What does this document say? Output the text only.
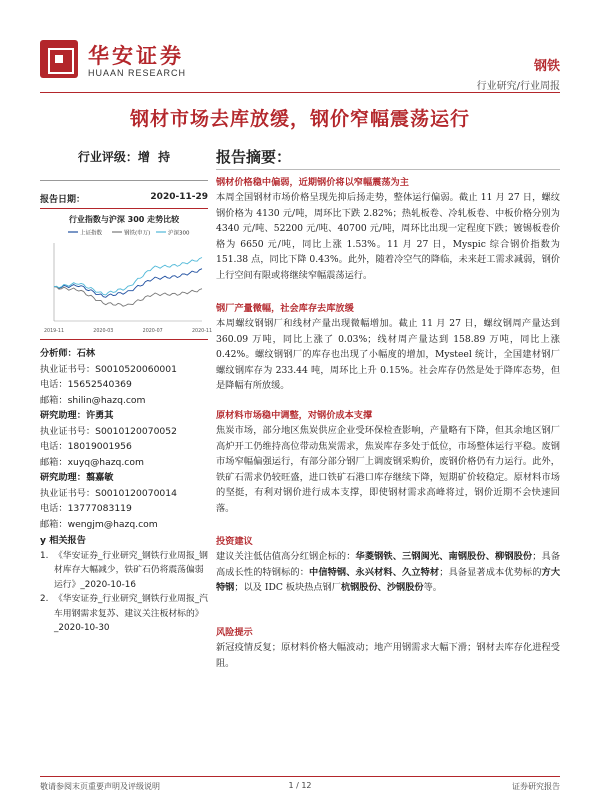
华安证券
HUAAN RESEARCH	钢铁
行业研究/行业周报
钢材市场去库放缓，钢价窄幅震荡运行
行业评级：增  持
报告日期：	2020-11-29
行业指数与沪深 300 走势比较
上证指数	钢铁(申万)	沪深300
2019-11	2020-03	2020-07	2020-11
分析师：石林
执业证书号：S0010520060001
电话：15652540369
邮箱：shilin@hazq.com
研究助理：许勇其
执业证书号：S0010120070052
电话：18019001956
邮箱：xuyq@hazq.com
研究助理：翦嘉敏
执业证书号：S0010120070014
电话：13777083119
邮箱：wengjm@hazq.com
y 相关报告
1. 《华安证券_行业研究_钢铁行业周报_钢材库存大幅减少，铁矿石仍将震荡偏弱运行》_2020-10-16
2. 《华安证券_行业研究_钢铁行业周报_汽车用钢需求复苏、建议关注板材标的》_2020-10-30
报告摘要：
钢材价格稳中偏弱，近期钢价将以窄幅震荡为主
本周全国钢材市场价格呈现先抑后扬走势，整体运行偏弱。截止 11 月 27 日，螺纹钢价格为 4130 元/吨，周环比下跌 2.82%；热轧板卷、冷轧板卷、中板价格分别为 4340 元/吨、52200 元/吨、40700 元/吨，周环比出现一定程度下跌；镀锡板卷价格为 6650 元/吨，同比上涨 1.53%。11 月 27 日，Myspic 综合钢价指数为 151.38 点，同比下降 0.43%。此外，随着冷空气的降临，未来赶工需求减弱，钢价上行空间有限或将继续窄幅震荡运行。
钢厂产量微幅，社会库存去库放缓
本周螺纹钢钢厂和线材产量出现微幅增加。截止 11 月 27 日，螺纹钢周产量达到 360.09 万吨，同比上涨了 0.03%；线材周产量达到 158.89 万吨，同比上涨 0.42%。螺纹钢钢厂的库存也出现了小幅度的增加，Mysteel 统计，全国建材钢厂螺纹钢库存为 233.44 吨，周环比上升 0.15%。社会库存仍然是处于降库态势，但是降幅有所放缓。
原材料市场稳中调整，对钢价成本支撑
焦炭市场，部分地区焦炭供应企业受环保检查影响，产量略有下降，但其余地区钢厂高炉开工仍维持高位带动焦炭需求，焦炭库存多处于低位，市场整体运行平稳。废钢市场窄幅偏强运行，有部分部分钢厂上调废钢采购价，废钢价格仍有力运行。此外，铁矿石需求仍较旺盛，进口铁矿石港口库存继续下降，短期矿价较稳定。原材料市场的坚挺，有利对钢价进行成本支撑，即使钢材需求高峰将过，钢价近期不会快速回落。
投资建议
建议关注低估值高分红钢企标的：华菱钢铁、三钢闽光、南钢股份、柳钢股份；具备高成长性的特钢标的：中信特钢、永兴材料、久立特材；具备显著成本优势标的方大特钢；以及 IDC 板块热点钢厂杭钢股份、沙钢股份等。
风险提示
新冠疫情反复；原材料价格大幅波动；地产用钢需求大幅下滑；钢材去库存化进程受阻。
敬请参阅末页重要声明及评级说明	1 / 12	证券研究报告
